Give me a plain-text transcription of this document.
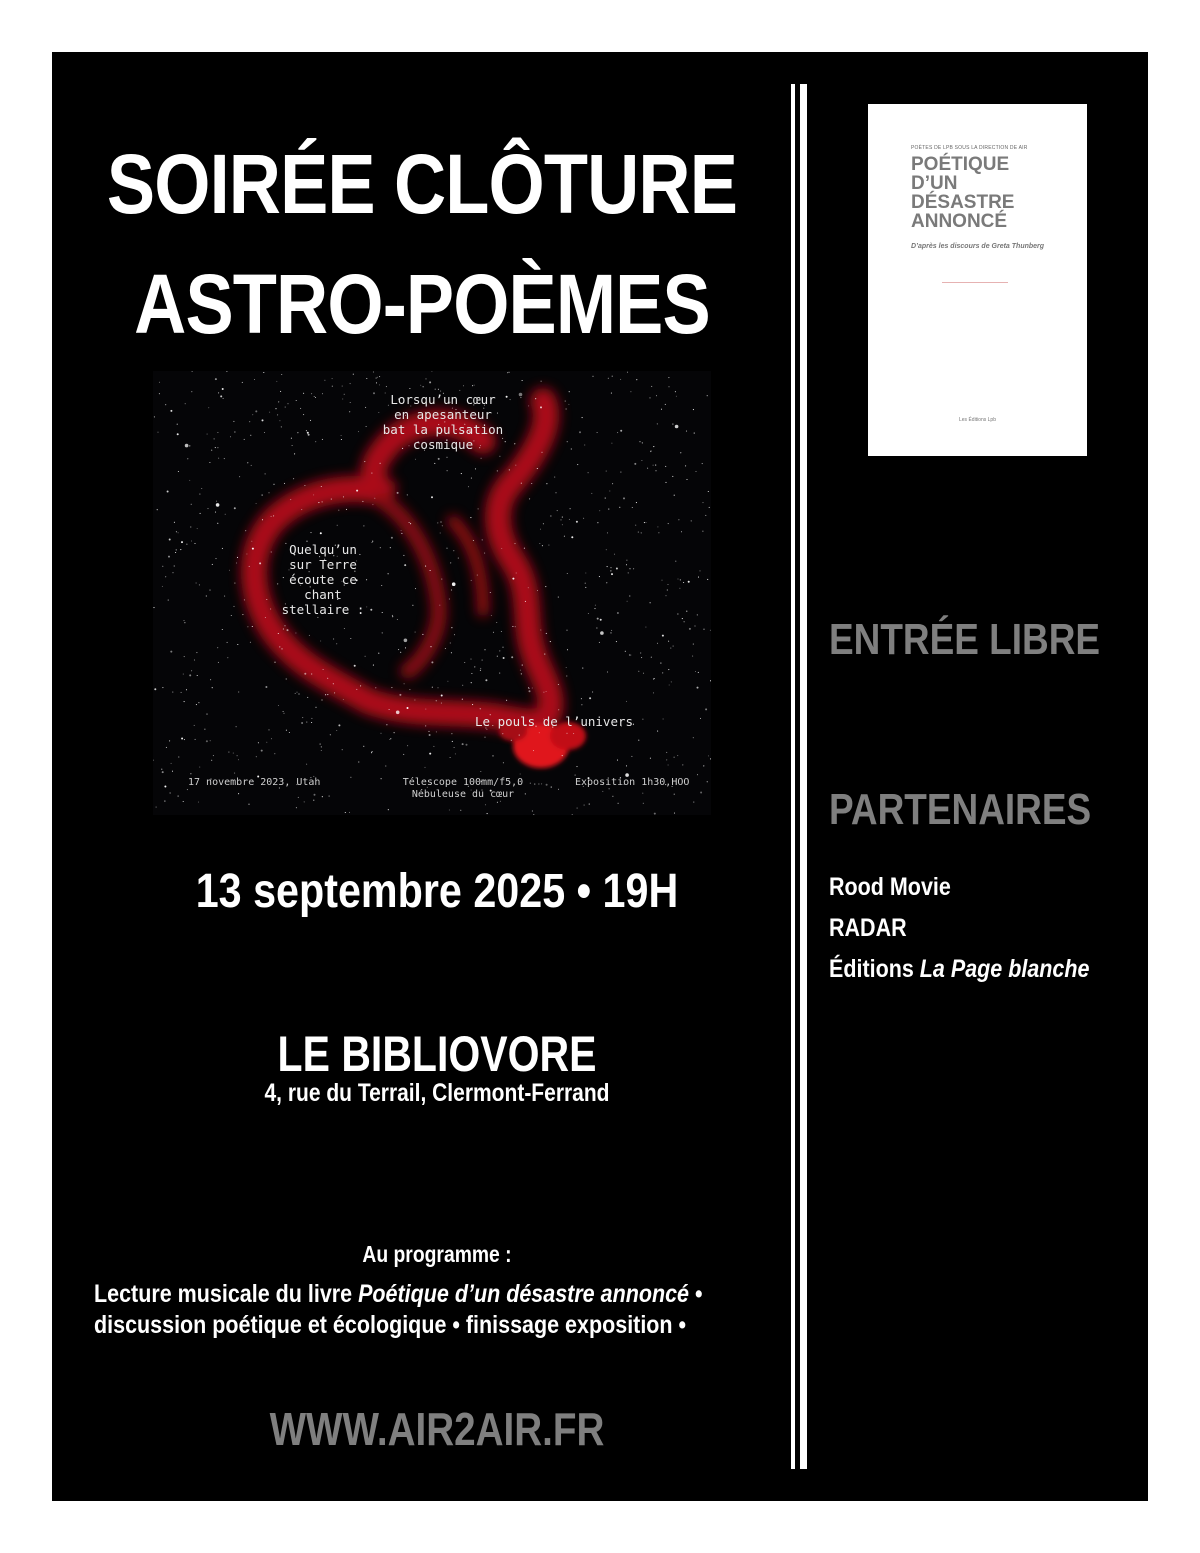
SOIRÉE CLÔTURE
ASTRO-POÈMES
Lorsqu’un cœur
en apesanteur
bat la pulsation
cosmique
Quelqu’un
sur Terre
écoute ce chant
stellaire :
Le pouls de l’univers
17 novembre 2023, Utah	Télescope 100mm/f5,0
Nébuleuse du cœur
Exposition 1h30,HOO
13 septembre 2025 • 19H
LE BIBLIOVORE
4, rue du Terrail, Clermont-Ferrand
Au programme :
Lecture musicale du livre Poétique d’un désastre annoncé •
discussion poétique et écologique • finissage exposition •
WWW.AIR2AIR.FR
POÈTES DE LPB SOUS LA DIRECTION DE AIR
POÉTIQUE
D’UN
DÉSASTRE
ANNONCÉ
D’après les discours de Greta Thunberg
Les Éditions Lpb
ENTRÉE LIBRE
PARTENAIRES
Rood Movie
RADAR
Éditions La Page blanche
